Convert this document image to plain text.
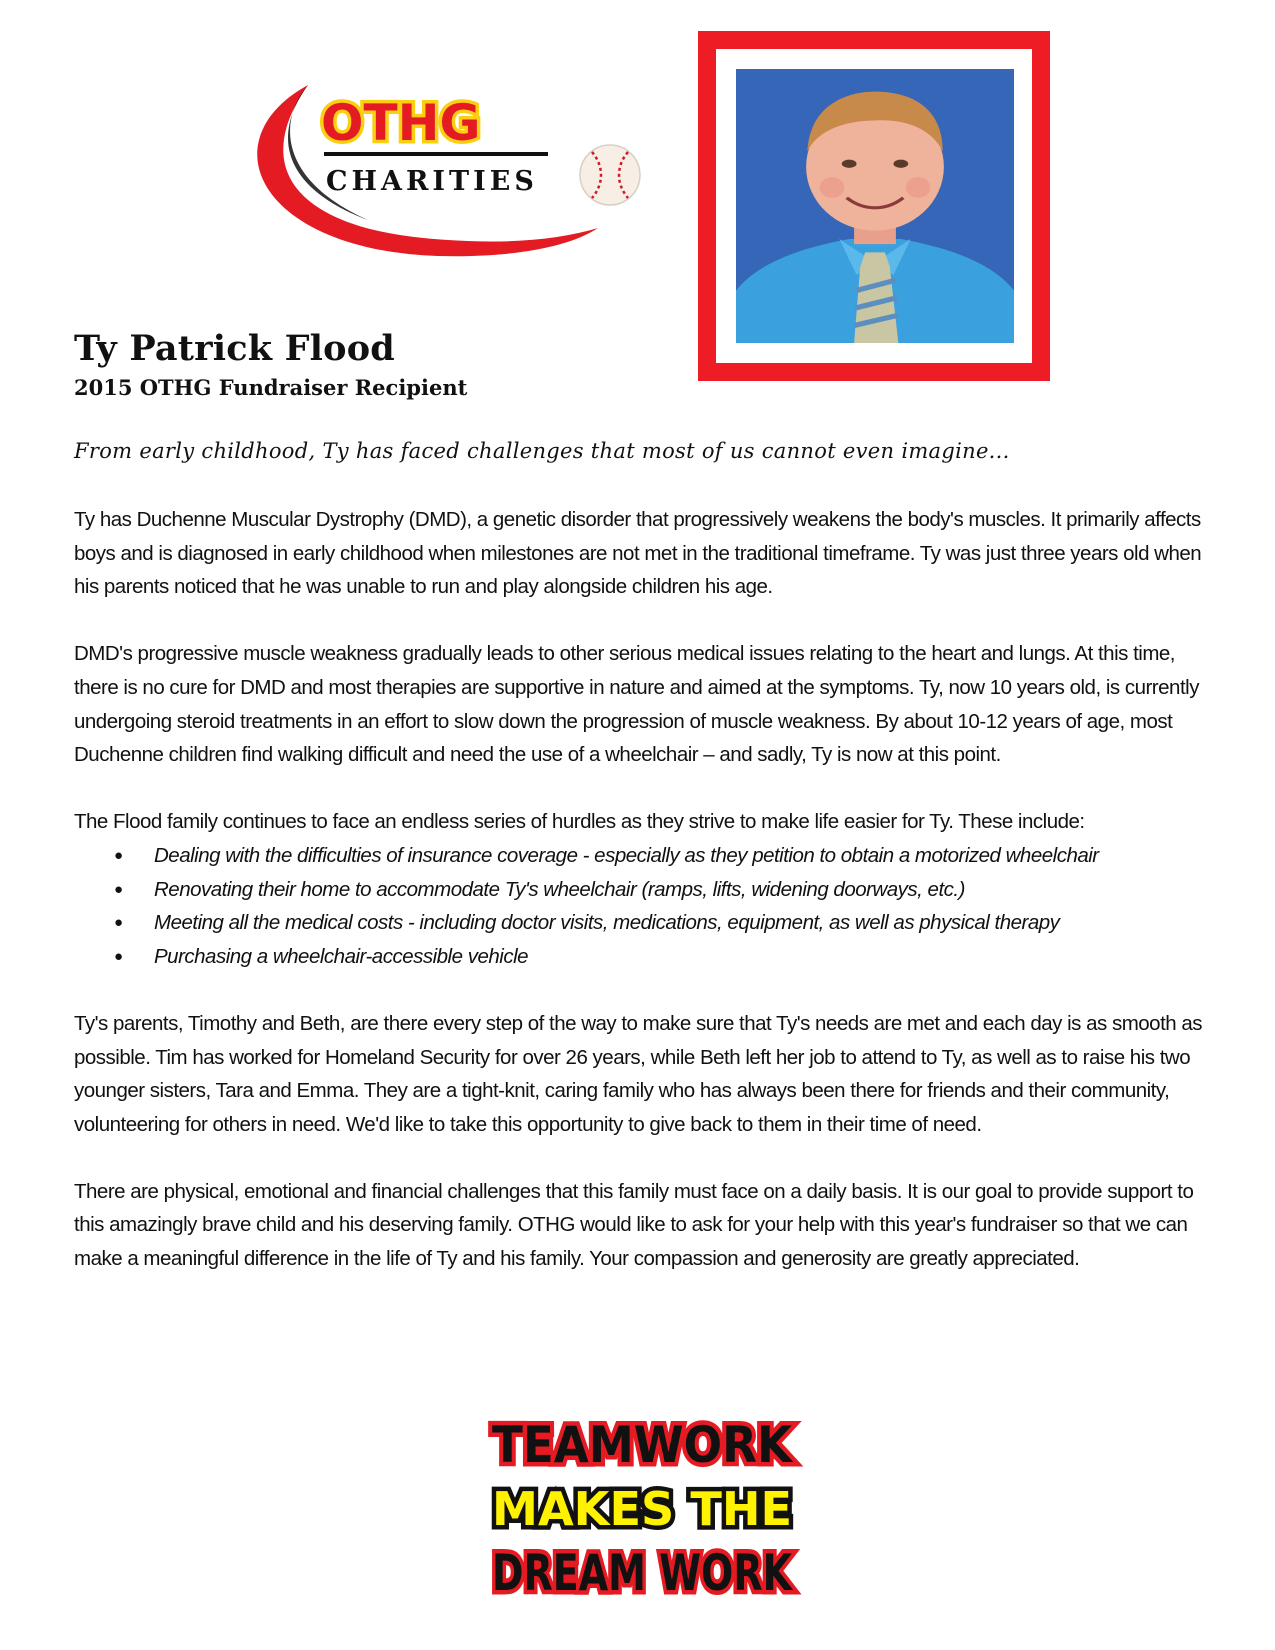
OTHG
CHARITIES
Ty Patrick Flood
2015 OTHG Fundraiser Recipient

From early childhood, Ty has faced challenges that most of us cannot even imagine...

Ty has Duchenne Muscular Dystrophy (DMD), a genetic disorder that progressively weakens the body's muscles. It primarily affects boys and is diagnosed in early childhood when milestones are not met in the traditional timeframe. Ty was just three years old when his parents noticed that he was unable to run and play alongside children his age.

DMD's progressive muscle weakness gradually leads to other serious medical issues relating to the heart and lungs. At this time, there is no cure for DMD and most therapies are supportive in nature and aimed at the symptoms. Ty, now 10 years old, is currently undergoing steroid treatments in an effort to slow down the progression of muscle weakness. By about 10-12 years of age, most Duchenne children find walking difficult and need the use of a wheelchair – and sadly, Ty is now at this point.

The Flood family continues to face an endless series of hurdles as they strive to make life easier for Ty. These include:

● Dealing with the difficulties of insurance coverage - especially as they petition to obtain a motorized wheelchair
● Renovating their home to accommodate Ty's wheelchair (ramps, lifts, widening doorways, etc.)
● Meeting all the medical costs - including doctor visits, medications, equipment, as well as physical therapy
● Purchasing a wheelchair-accessible vehicle

Ty's parents, Timothy and Beth, are there every step of the way to make sure that Ty's needs are met and each day is as smooth as possible. Tim has worked for Homeland Security for over 26 years, while Beth left her job to attend to Ty, as well as to raise his two younger sisters, Tara and Emma. They are a tight-knit, caring family who has always been there for friends and their community, volunteering for others in need. We'd like to take this opportunity to give back to them in their time of need.

There are physical, emotional and financial challenges that this family must face on a daily basis. It is our goal to provide support to this amazingly brave child and his deserving family. OTHG would like to ask for your help with this year's fundraiser so that we can make a meaningful difference in the life of Ty and his family. Your compassion and generosity are greatly appreciated.

TEAMWORK
MAKES THE
DREAM WORK
